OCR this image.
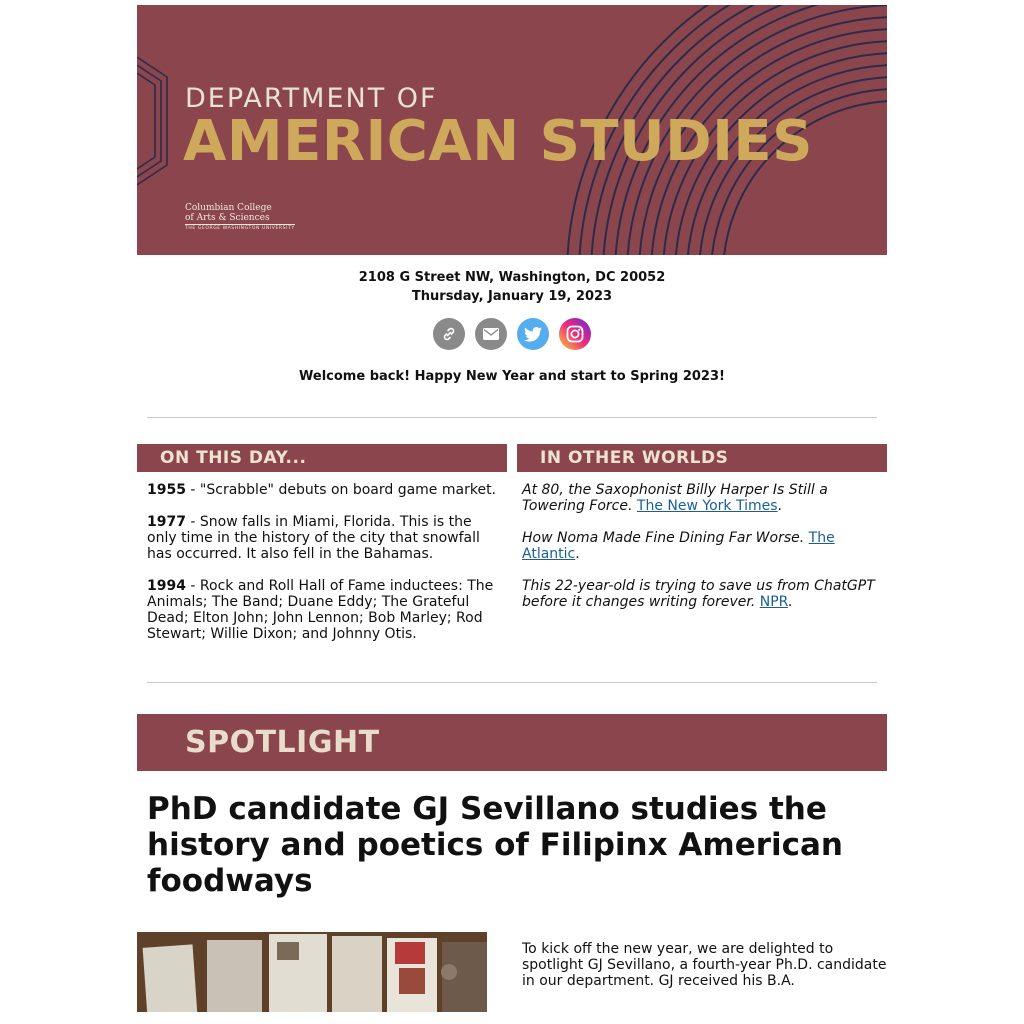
DEPARTMENT OF
AMERICAN STUDIES
Columbian College
of Arts & Sciences
THE GEORGE WASHINGTON UNIVERSITY
2108 G Street NW, Washington, DC 20052
Thursday, January 19, 2023
Welcome back! Happy New Year and start to Spring 2023!
ON THIS DAY...

1955 - "Scrabble" debuts on board game market.

1977 - Snow falls in Miami, Florida. This is the only time in the history of the city that snowfall has occurred. It also fell in the Bahamas.

1994 - Rock and Roll Hall of Fame inductees: The Animals; The Band; Duane Eddy; The Grateful Dead; Elton John; John Lennon; Bob Marley; Rod Stewart; Willie Dixon; and Johnny Otis.

IN OTHER WORLDS

At 80, the Saxophonist Billy Harper Is Still a Towering Force. The New York Times.

How Noma Made Fine Dining Far Worse. The Atlantic.

This 22-year-old is trying to save us from ChatGPT before it changes writing forever. NPR.

SPOTLIGHT
PhD candidate GJ Sevillano studies the history and poetics of Filipinx American foodways
To kick off the new year, we are delighted to spotlight GJ Sevillano, a fourth-year Ph.D. candidate in our department. GJ received his B.A.
